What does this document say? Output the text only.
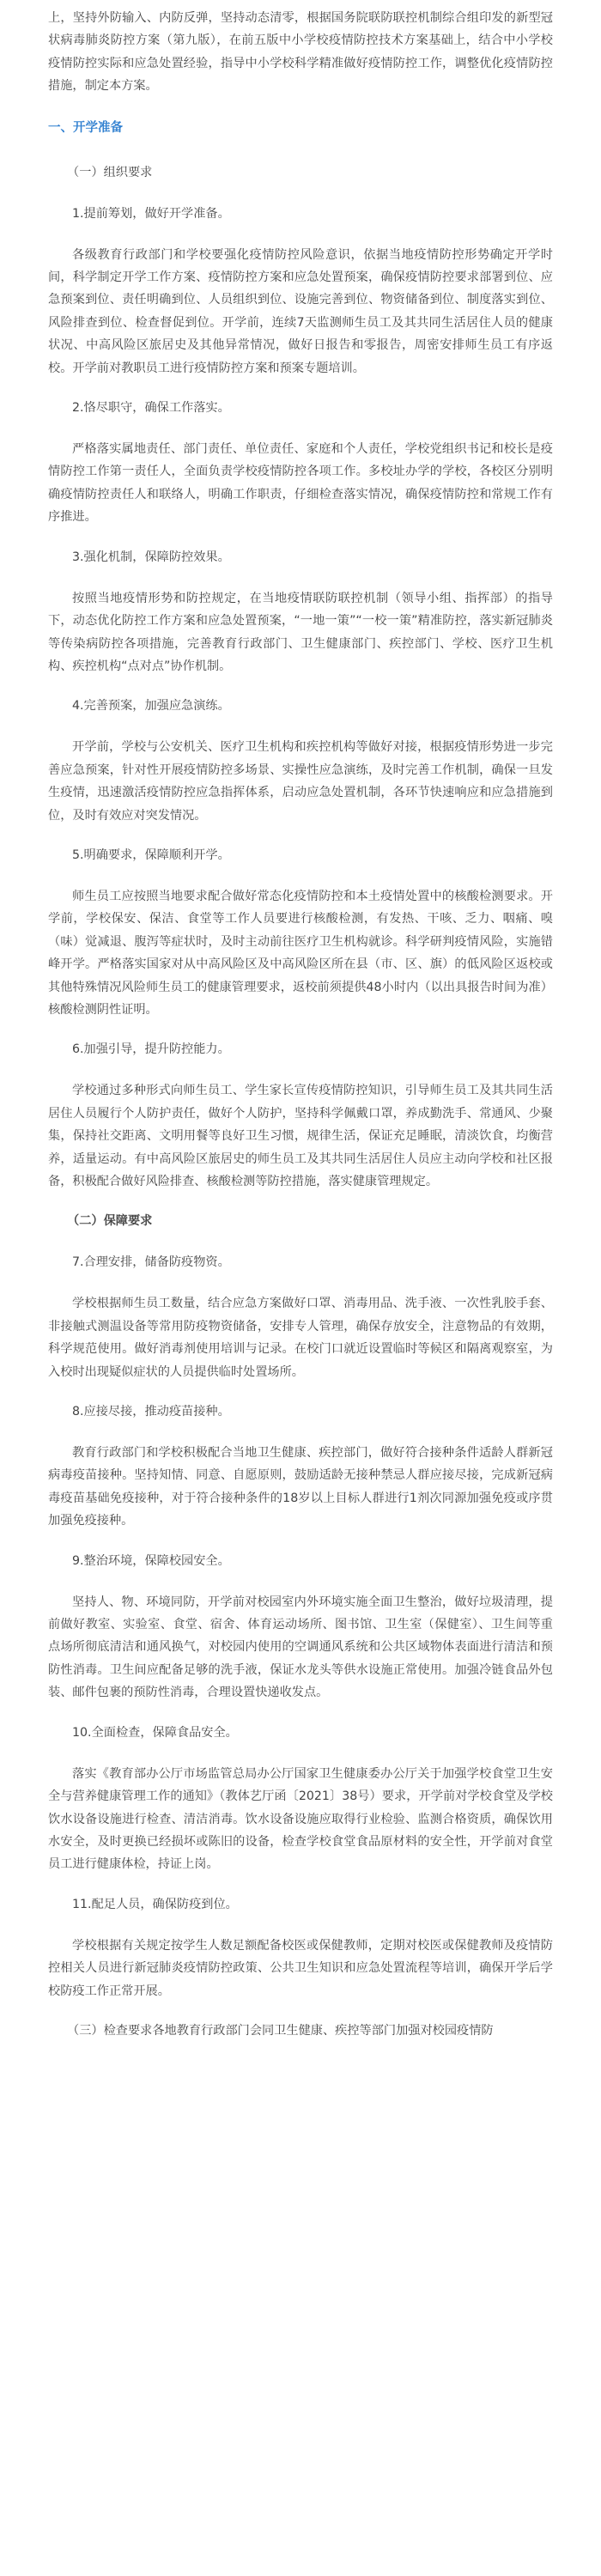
上，坚持外防输入、内防反弹，坚持动态清零，根据国务院联防联控机制综合组印发的新型冠状病毒肺炎防控方案（第九版），在前五版中小学校疫情防控技术方案基础上，结合中小学校疫情防控实际和应急处置经验，指导中小学校科学精准做好疫情防控工作，调整优化疫情防控措施，制定本方案。

一、开学准备
（一）组织要求
1.提前筹划，做好开学准备。

各级教育行政部门和学校要强化疫情防控风险意识，依据当地疫情防控形势确定开学时间，科学制定开学工作方案、疫情防控方案和应急处置预案，确保疫情防控要求部署到位、应急预案到位、责任明确到位、人员组织到位、设施完善到位、物资储备到位、制度落实到位、风险排查到位、检查督促到位。开学前，连续7天监测师生员工及其共同生活居住人员的健康状况、中高风险区旅居史及其他异常情况，做好日报告和零报告，周密安排师生员工有序返校。开学前对教职员工进行疫情防控方案和预案专题培训。

2.恪尽职守，确保工作落实。

严格落实属地责任、部门责任、单位责任、家庭和个人责任，学校党组织书记和校长是疫情防控工作第一责任人，全面负责学校疫情防控各项工作。多校址办学的学校，各校区分别明确疫情防控责任人和联络人，明确工作职责，仔细检查落实情况，确保疫情防控和常规工作有序推进。

3.强化机制，保障防控效果。

按照当地疫情形势和防控规定，在当地疫情联防联控机制（领导小组、指挥部）的指导下，动态优化防控工作方案和应急处置预案，“一地一策”“一校一策”精准防控，落实新冠肺炎等传染病防控各项措施，完善教育行政部门、卫生健康部门、疾控部门、学校、医疗卫生机构、疾控机构“点对点”协作机制。

4.完善预案，加强应急演练。

开学前，学校与公安机关、医疗卫生机构和疾控机构等做好对接，根据疫情形势进一步完善应急预案，针对性开展疫情防控多场景、实操性应急演练，及时完善工作机制，确保一旦发生疫情，迅速激活疫情防控应急指挥体系，启动应急处置机制，各环节快速响应和应急措施到位，及时有效应对突发情况。

5.明确要求，保障顺利开学。

师生员工应按照当地要求配合做好常态化疫情防控和本土疫情处置中的核酸检测要求。开学前，学校保安、保洁、食堂等工作人员要进行核酸检测，有发热、干咳、乏力、咽痛、嗅（味）觉减退、腹泻等症状时，及时主动前往医疗卫生机构就诊。科学研判疫情风险，实施错峰开学。严格落实国家对从中高风险区及中高风险区所在县（市、区、旗）的低风险区返校或其他特殊情况风险师生员工的健康管理要求，返校前须提供48小时内（以出具报告时间为准）核酸检测阴性证明。

6.加强引导，提升防控能力。

学校通过多种形式向师生员工、学生家长宣传疫情防控知识，引导师生员工及其共同生活居住人员履行个人防护责任，做好个人防护，坚持科学佩戴口罩，养成勤洗手、常通风、少聚集，保持社交距离、文明用餐等良好卫生习惯，规律生活，保证充足睡眠，清淡饮食，均衡营养，适量运动。有中高风险区旅居史的师生员工及其共同生活居住人员应主动向学校和社区报备，积极配合做好风险排查、核酸检测等防控措施，落实健康管理规定。

（二）保障要求
7.合理安排，储备防疫物资。

学校根据师生员工数量，结合应急方案做好口罩、消毒用品、洗手液、一次性乳胶手套、非接触式测温设备等常用防疫物资储备，安排专人管理，确保存放安全，注意物品的有效期，科学规范使用。做好消毒剂使用培训与记录。在校门口就近设置临时等候区和隔离观察室，为入校时出现疑似症状的人员提供临时处置场所。

8.应接尽接，推动疫苗接种。

教育行政部门和学校积极配合当地卫生健康、疾控部门，做好符合接种条件适龄人群新冠病毒疫苗接种。坚持知情、同意、自愿原则，鼓励适龄无接种禁忌人群应接尽接，完成新冠病毒疫苗基础免疫接种，对于符合接种条件的18岁以上目标人群进行1剂次同源加强免疫或序贯加强免疫接种。

9.整治环境，保障校园安全。

坚持人、物、环境同防，开学前对校园室内外环境实施全面卫生整治，做好垃圾清理，提前做好教室、实验室、食堂、宿舍、体育运动场所、图书馆、卫生室（保健室）、卫生间等重点场所彻底清洁和通风换气，对校园内使用的空调通风系统和公共区域物体表面进行清洁和预防性消毒。卫生间应配备足够的洗手液，保证水龙头等供水设施正常使用。加强冷链食品外包装、邮件包裹的预防性消毒，合理设置快递收发点。

10.全面检查，保障食品安全。

落实《教育部办公厅市场监管总局办公厅国家卫生健康委办公厅关于加强学校食堂卫生安全与营养健康管理工作的通知》（教体艺厅函〔2021〕38号）要求，开学前对学校食堂及学校饮水设备设施进行检查、清洁消毒。饮水设备设施应取得行业检验、监测合格资质，确保饮用水安全，及时更换已经损坏或陈旧的设备，检查学校食堂食品原材料的安全性，开学前对食堂员工进行健康体检，持证上岗。

11.配足人员，确保防疫到位。

学校根据有关规定按学生人数足额配备校医或保健教师，定期对校医或保健教师及疫情防控相关人员进行新冠肺炎疫情防控政策、公共卫生知识和应急处置流程等培训，确保开学后学校防疫工作正常开展。

（三）检查要求各地教育行政部门会同卫生健康、疾控等部门加强对校园疫情防
